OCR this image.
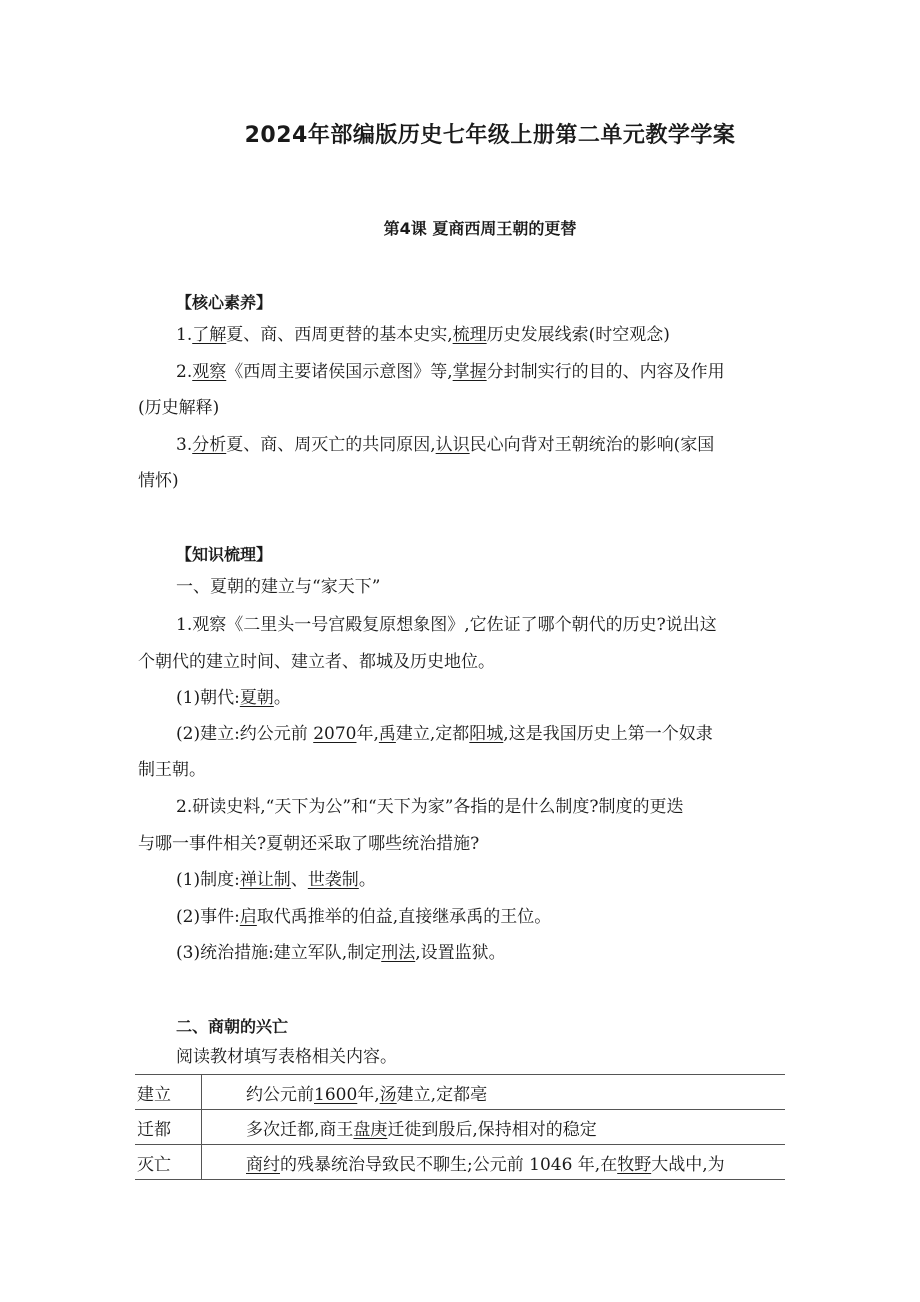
2024年部编版历史七年级上册第二单元教学学案
第4课 夏商西周王朝的更替
【核心素养】
1.了解夏、商、西周更替的基本史实,梳理历史发展线索(时空观念)
2.观察《西周主要诸侯国示意图》等,掌握分封制实行的目的、内容及作用
(历史解释)
3.分析夏、商、周灭亡的共同原因,认识民心向背对王朝统治的影响(家国
情怀)
【知识梳理】
一、夏朝的建立与“家天下”
1.观察《二里头一号宫殿复原想象图》,它佐证了哪个朝代的历史?说出这
个朝代的建立时间、建立者、都城及历史地位。
(1)朝代:夏朝。
(2)建立:约公元前 2070年,禹建立,定都阳城,这是我国历史上第一个奴隶
制王朝。
2.研读史料,“天下为公”和“天下为家”各指的是什么制度?制度的更迭
与哪一事件相关?夏朝还采取了哪些统治措施?
(1)制度:禅让制、世袭制。
(2)事件:启取代禹推举的伯益,直接继承禹的王位。
(3)统治措施:建立军队,制定刑法,设置监狱。
二、商朝的兴亡
阅读教材填写表格相关内容。
建立	约公元前1600年,汤建立,定都亳
迁都	多次迁都,商王盘庚迁徙到殷后,保持相对的稳定
灭亡	商纣的残暴统治导致民不聊生;公元前 1046 年,在牧野大战中,为
